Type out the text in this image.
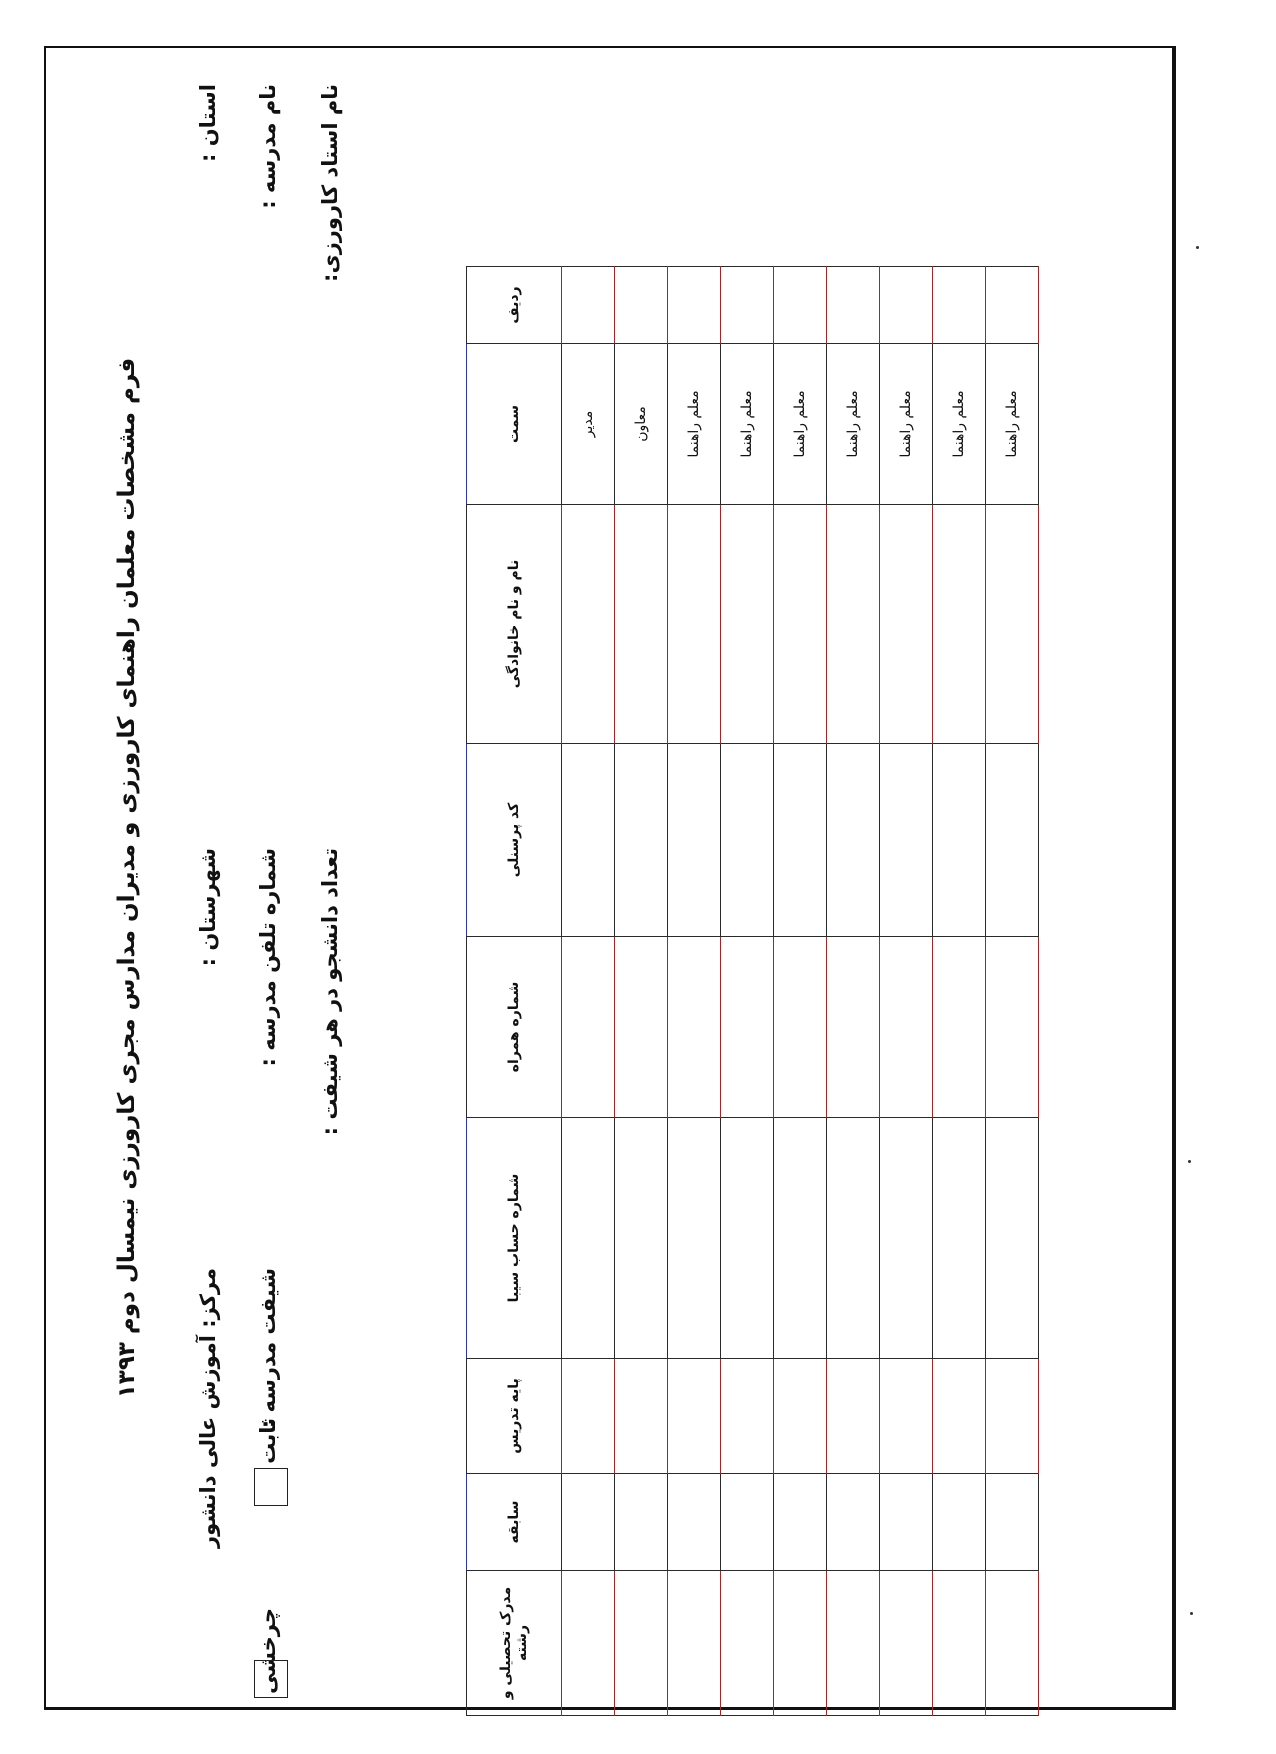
فرم مشخصات معلمان راهنمای کارورزی و مدیران مدارس مجری کارورزی نیمسال دوم ۱۳۹۳
استان :
شهرستان :
مرکز: آموزش عالی دانشور
نام مدرسه :
شماره تلفن مدرسه :
شیفت مدرسه :
ثابت
چرخشی
نام استاد کارورزی:
تعداد دانشجو در هر شیفت :
ردیف	سمت	نام و نام خانوادگی	کد پرسنلی	شماره همراه	شماره حساب سیبا	پایه تدریس	سابقه	مدرک تحصیلی و رشته
	مدیر							
	معاون							
	معلم راهنما							
	معلم راهنما							
	معلم راهنما							
	معلم راهنما							
	معلم راهنما							
	معلم راهنما							
	معلم راهنما							
